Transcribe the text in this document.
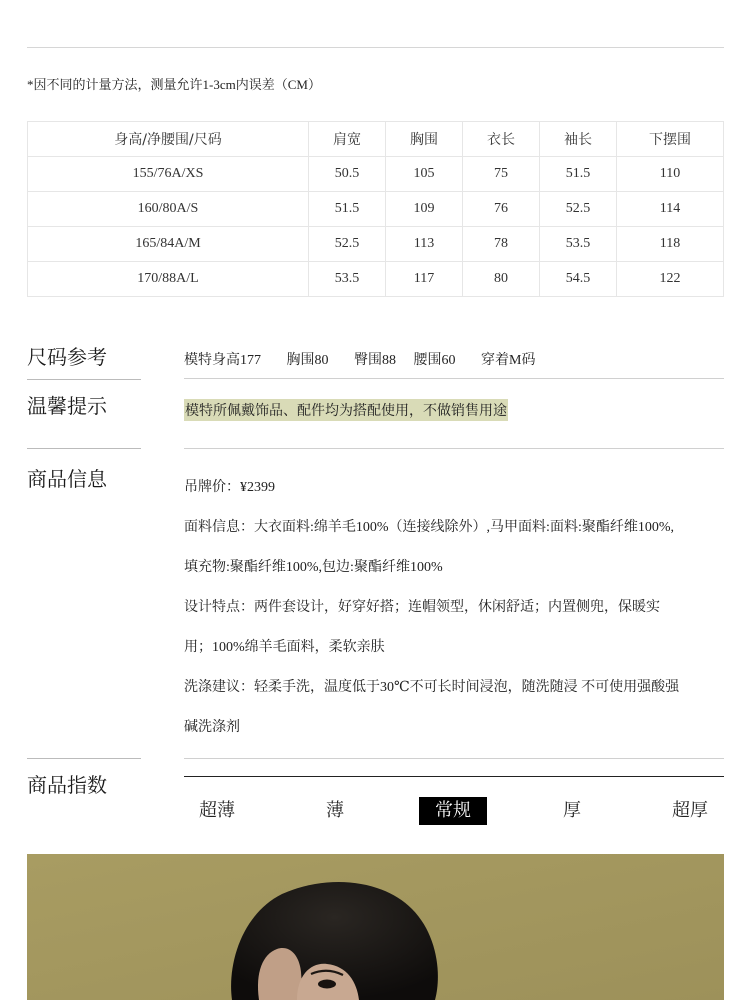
*因不同的计量方法，测量允许1-3cm内误差（CM）
身高/净腰围/尺码	肩宽	胸围	衣长	袖长	下摆围
155/76A/XS	50.5	105	75	51.5	110
160/80A/S	51.5	109	76	52.5	114
165/84A/M	52.5	113	78	53.5	118
170/88A/L	53.5	117	80	54.5	122
尺码参考	模特身高177 胸围80 臀围88 腰围60 穿着M码
温馨提示	模特所佩戴饰品、配件均为搭配使用，不做销售用途
商品信息	吊牌价：¥2399

面料信息：大衣面料:绵羊毛100%（连接线除外）,马甲面料:面料:聚酯纤维100%,

填充物:聚酯纤维100%,包边:聚酯纤维100%

设计特点：两件套设计，好穿好搭；连帽领型，休闲舒适；内置侧兜，保暖实

用；100%绵羊毛面料，柔软亲肤

洗涤建议：轻柔手洗，温度低于30℃不可长时间浸泡，随洗随浸 不可使用强酸强

碱洗涤剂

商品指数
超薄	薄	常规	厚	超厚
